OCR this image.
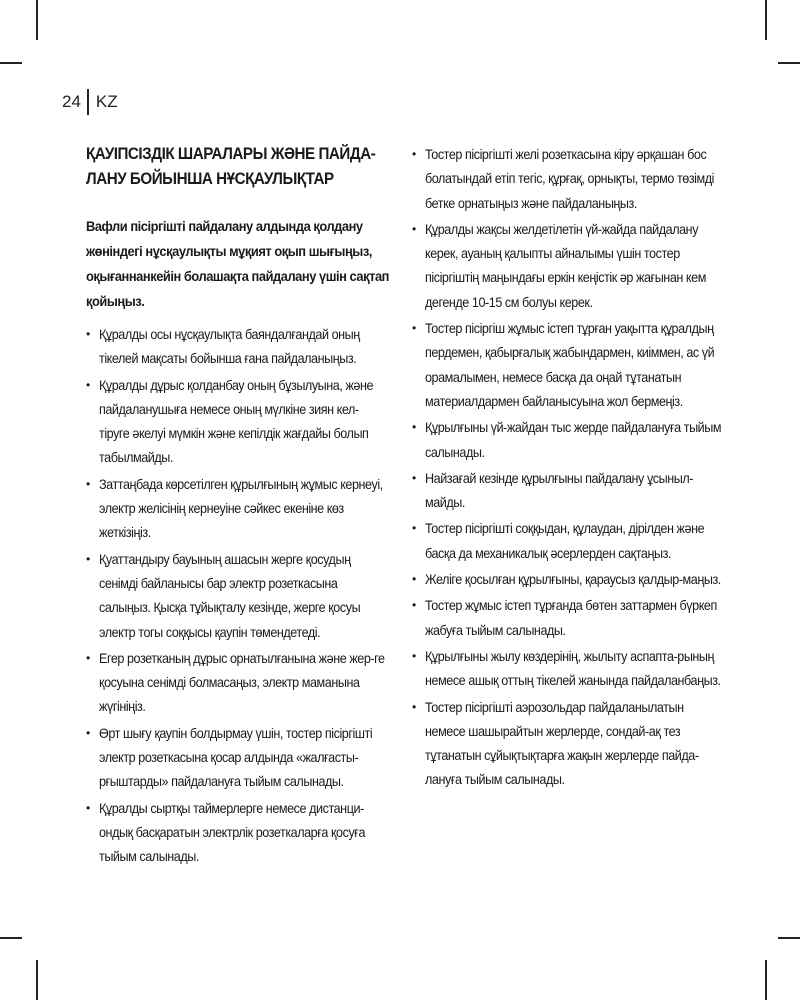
24 KZ
ҚАУІПСІЗДІК ШАРАЛАРЫ ЖӘНЕ ПАЙДА-
ЛАНУ БОЙЫНША НҰСҚАУЛЫҚТАР
Вафли пісіргішті пайдалану алдында қолдану жөніндегі нұсқаулықты мұқият оқып шығыңыз, оқығаннанкейін болашақта пайдалану үшін сақтап қойыңыз.
• Құралды осы нұсқаулықта баяндалғандай оның тікелей мақсаты бойынша ғана пайдаланыңыз.
• Құралды дұрыс қолданбау оның бұзылуына, және пайдаланушыға немесе оның мүлкіне зиян кел-тіруге әкелуі мүмкін және кепілдік жағдайы болып табылмайды.
• Заттаңбада көрсетілген құрылғының жұмыс кернеуі, электр желісінің кернеуіне сәйкес екеніне көз жеткізіңіз.
• Қуаттандыру бауының ашасын жерге қосудың сенімді байланысы бар электр розеткасына салыңыз. Қысқа тұйықталу кезінде, жерге қосуы электр тогы соққысы қаупін төмендетеді.
• Егер розетканың дұрыс орнатылғанына және жер-ге қосуына сенімді болмасаңыз, электр маманына жүгініңіз.
• Өрт шығу қаупін болдырмау үшін, тостер пісіргішті электр розеткасына қосар алдында «жалғасты-рғыштарды» пайдалануға тыйым салынады.
• Құралды сыртқы таймерлерге немесе дистанци-ондық басқаратын электрлік розеткаларға қосуға тыйым салынады.
• Тостер пісіргішті желі розеткасына кіру әрқашан бос болатындай етіп тегіс, құрғақ, орнықты, термо төзімді бетке орнатыңыз және пайдаланыңыз.
• Құралды жақсы желдетілетін үй-жайда пайдалану керек, ауаның қалыпты айналымы үшін тостер пісіргіштің маңындағы еркін кеңістік әр жағынан кем дегенде 10-15 см болуы керек.
• Тостер пісіргіш жұмыс істеп тұрған уақытта құралдың пердемен, қабырғалық жабындармен, киіммен, ас үй орамалымен, немесе басқа да оңай тұтанатын материалдармен байланысуына жол бермеңіз.
• Құрылғыны үй-жайдан тыс жерде пайдалануға тыйым салынады.
• Найзағай кезінде құрылғыны пайдалану ұсыныл-майды.
• Тостер пісіргішті соққыдан, құлаудан, дірілден және басқа да механикалық әсерлерден сақтаңыз.
• Желіге қосылған құрылғыны, қараусыз қалдыр-маңыз.
• Тостер жұмыс істеп тұрғанда бөтен заттармен бүркеп жабуға тыйым салынады.
• Құрылғыны жылу көздерінің, жылыту аспапта-рының немесе ашық оттың тікелей жанында пайдаланбаңыз.
• Тостер пісіргішті аэрозольдар пайдаланылатын немесе шашырайтын жерлерде, сондай-ақ тез тұтанатын сұйықтықтарға жақын жерлерде пайда-лануға тыйым салынады.
